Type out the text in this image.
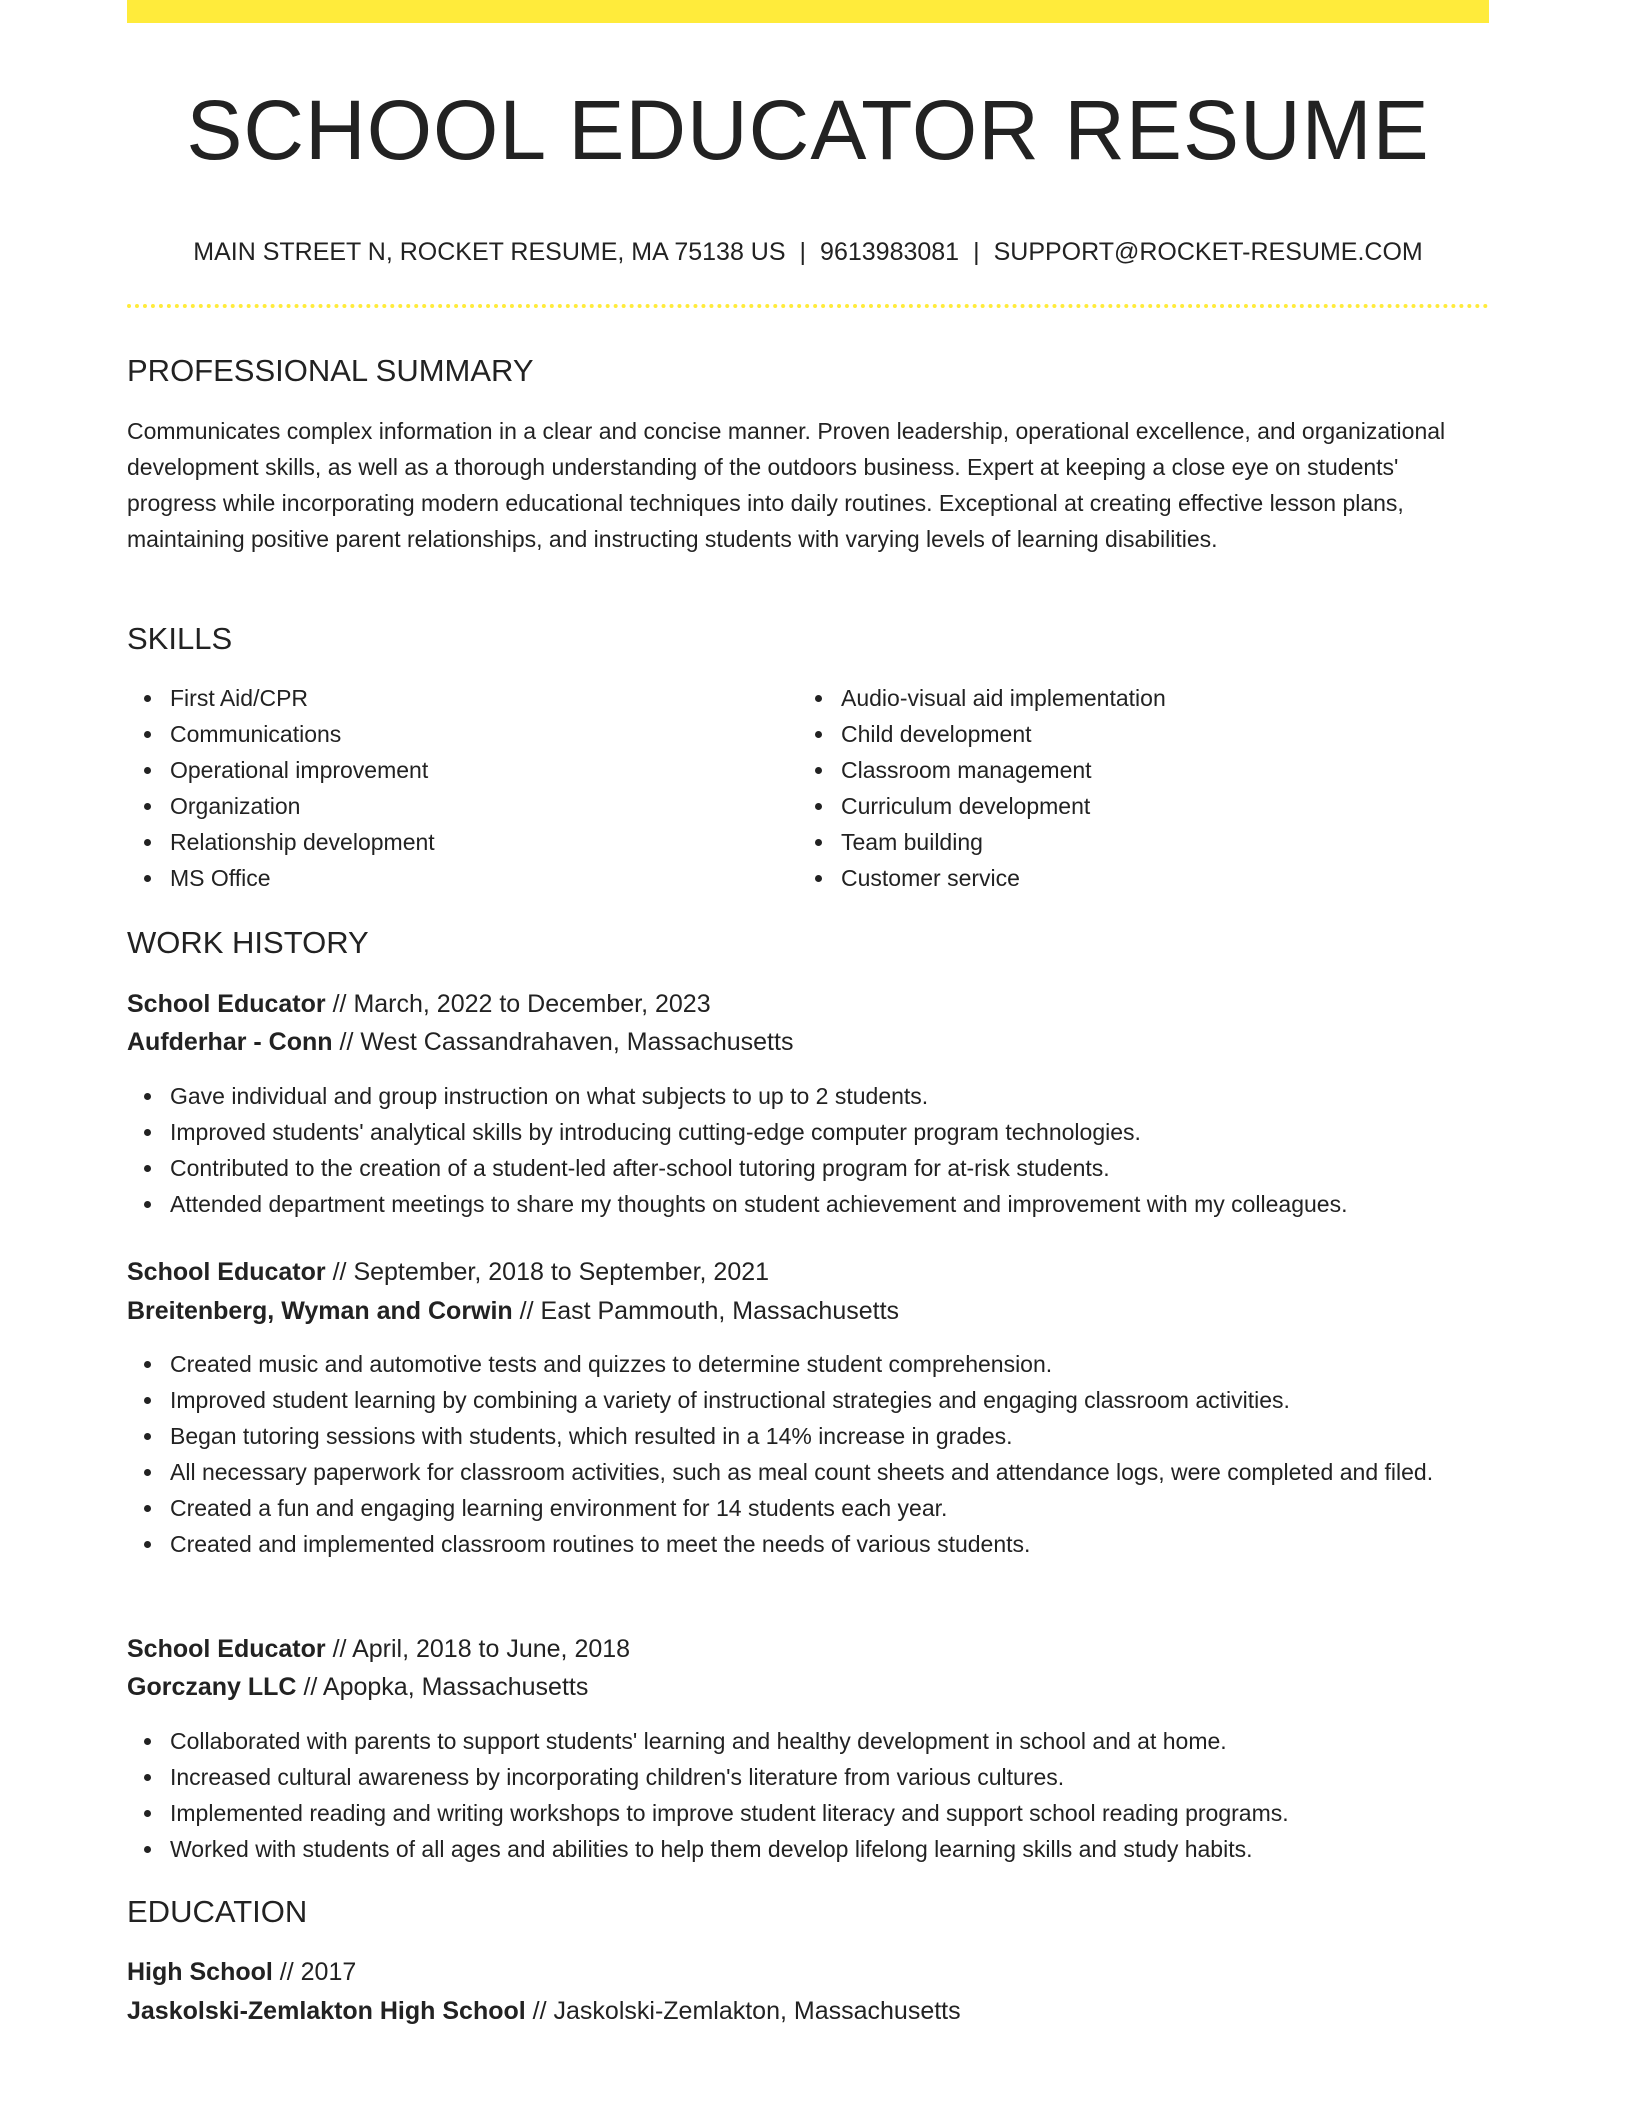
SCHOOL EDUCATOR RESUME
MAIN STREET N, ROCKET RESUME, MA 75138 US | 9613983081 | SUPPORT@ROCKET-RESUME.COM
PROFESSIONAL SUMMARY
Communicates complex information in a clear and concise manner. Proven leadership, operational excellence, and organizational development skills, as well as a thorough understanding of the outdoors business. Expert at keeping a close eye on students' progress while incorporating modern educational techniques into daily routines. Exceptional at creating effective lesson plans, maintaining positive parent relationships, and instructing students with varying levels of learning disabilities.
SKILLS
First Aid/CPR
Communications
Operational improvement
Organization
Relationship development
MS Office
Audio-visual aid implementation
Child development
Classroom management
Curriculum development
Team building
Customer service
WORK HISTORY
School Educator // March, 2022 to December, 2023
Aufderhar - Conn // West Cassandrahaven, Massachusetts
Gave individual and group instruction on what subjects to up to 2 students.
Improved students' analytical skills by introducing cutting-edge computer program technologies.
Contributed to the creation of a student-led after-school tutoring program for at-risk students.
Attended department meetings to share my thoughts on student achievement and improvement with my colleagues.
School Educator // September, 2018 to September, 2021
Breitenberg, Wyman and Corwin // East Pammouth, Massachusetts
Created music and automotive tests and quizzes to determine student comprehension.
Improved student learning by combining a variety of instructional strategies and engaging classroom activities.
Began tutoring sessions with students, which resulted in a 14% increase in grades.
All necessary paperwork for classroom activities, such as meal count sheets and attendance logs, were completed and filed.
Created a fun and engaging learning environment for 14 students each year.
Created and implemented classroom routines to meet the needs of various students.
School Educator // April, 2018 to June, 2018
Gorczany LLC // Apopka, Massachusetts
Collaborated with parents to support students' learning and healthy development in school and at home.
Increased cultural awareness by incorporating children's literature from various cultures.
Implemented reading and writing workshops to improve student literacy and support school reading programs.
Worked with students of all ages and abilities to help them develop lifelong learning skills and study habits.
EDUCATION
High School // 2017
Jaskolski-Zemlakton High School // Jaskolski-Zemlakton, Massachusetts
